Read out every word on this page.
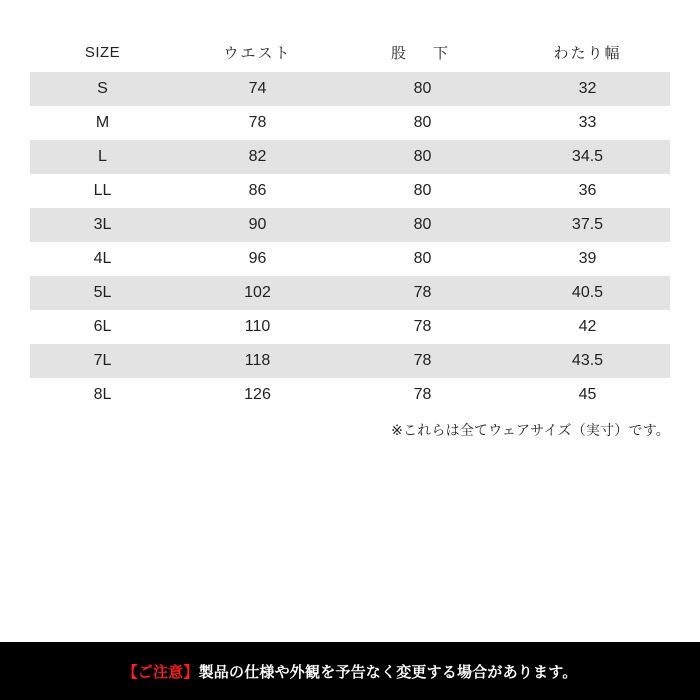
SIZE	ウエスト	股　下	わたり幅
S	74	80	32
M	78	80	33
L	82	80	34.5
LL	86	80	36
3L	90	80	37.5
4L	96	80	39
5L	102	78	40.5
6L	110	78	42
7L	118	78	43.5
8L	126	78	45
※これらは全てウェアサイズ（実寸）です。
【ご注意】製品の仕様や外観を予告なく変更する場合があります。
